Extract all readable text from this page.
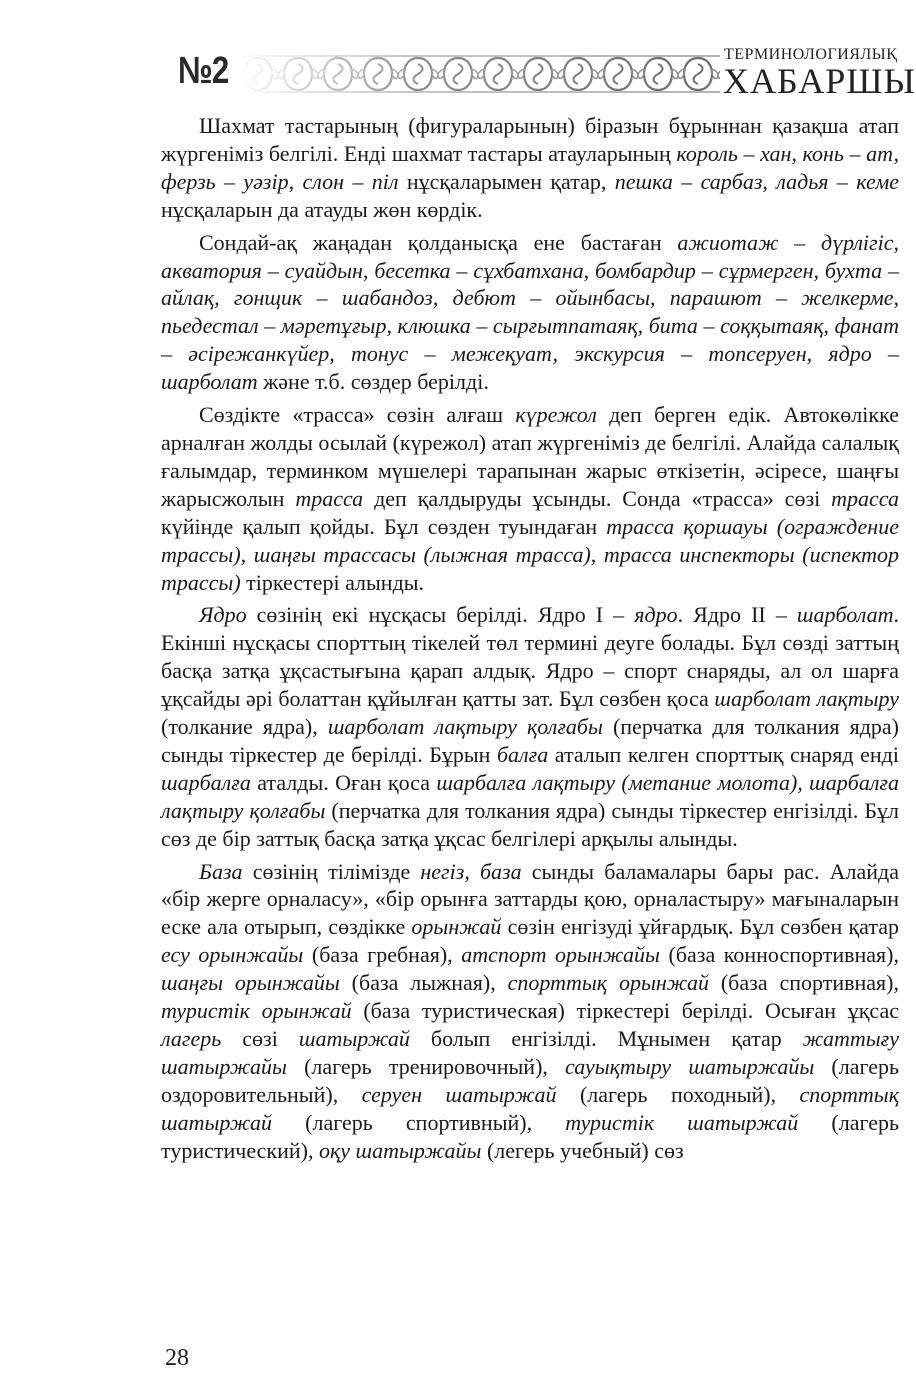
№2	ТЕРМИНОЛОГИЯЛЫҚ
ХАБАРШЫ

Шахмат тастарының (фигураларынын) біразын бұрыннан қазақша атап жүргеніміз белгілі. Енді шахмат тастары атауларының король – хан, конь – ат, ферзь – уәзір, слон – піл нұсқаларымен қатар, пешка – сарбаз, ладья – кеме нұсқаларын да атауды жөн көрдік.

Сондай-ақ жаңадан қолданысқа ене бастаған ажиотаж – дүрлігіс, акватория – суайдын, бесетка – сұхбатхана, бомбардир – сұрмерген, бухта – айлақ, гонщик – шабандоз, дебют – ойынбасы, парашют – желкерме, пьедестал – мәретұғыр, клюшка – сырғытпатаяқ, бита – соққытаяқ, фанат – әсірежанкүйер, тонус – межеқуат, экскурсия – топсеруен, ядро – шарболат және т.б. сөздер берілді.

Сөздікте «трасса» сөзін алғаш күрежол деп берген едік. Автокөлікке арналған жолды осылай (күрежол) атап жүргеніміз де белгілі. Алайда салалық ғалымдар, терминком мүшелері тарапынан жарыс өткізетін, әсіресе, шаңғы жарысжолын трасса деп қалдыруды ұсынды. Сонда «трасса» сөзі трасса күйінде қалып қойды. Бұл сөзден туындаған трасса қоршауы (ограждение трассы), шаңғы трассасы (лыжная трасса), трасса инспекторы (испектор трассы) тіркестері алынды.

Ядро сөзінің екі нұсқасы берілді. Ядро I – ядро. Ядро II – шарболат. Екінші нұсқасы спорттың тікелей төл термині деуге болады. Бұл сөзді заттың басқа затқа ұқсастығына қарап алдық. Ядро – спорт снаряды, ал ол шарға ұқсайды әрі болаттан құйылған қатты зат. Бұл сөзбен қоса шарболат лақтыру (толкание ядра), шарболат лақтыру қолғабы (перчатка для толкания ядра) сынды тіркестер де берілді. Бұрын балға аталып келген спорттық снаряд енді шарбалға аталды. Оған қоса шарбалға лақтыру (метание молота), шарбалға лақтыру қолғабы (перчатка для толкания ядра) сынды тіркестер енгізілді. Бұл сөз де бір заттық басқа затқа ұқсас белгілері арқылы алынды.

База сөзінің тілімізде негіз, база сынды баламалары бары рас. Алайда «бір жерге орналасу», «бір орынға заттарды қою, орналастыру» мағыналарын еске ала отырып, сөздікке орынжай сөзін енгізуді ұйғардық. Бұл сөзбен қатар есу орынжайы (база гребная), атспорт орынжайы (база конноспортивная), шаңғы орынжайы (база лыжная), спорттық орынжай (база спортивная), туристік орынжай (база туристическая) тіркестері берілді. Осыған ұқсас лагерь сөзі шатыржай болып енгізілді. Мұнымен қатар жаттығу шатыржайы (лагерь тренировочный), сауықтыру шатыржайы (лагерь оздоровительный), серуен шатыржай (лагерь походный), спорттық шатыржай (лагерь спортивный), туристік шатыржай (лагерь туристический), оқу шатыржайы (легерь учебный) сөз

28
